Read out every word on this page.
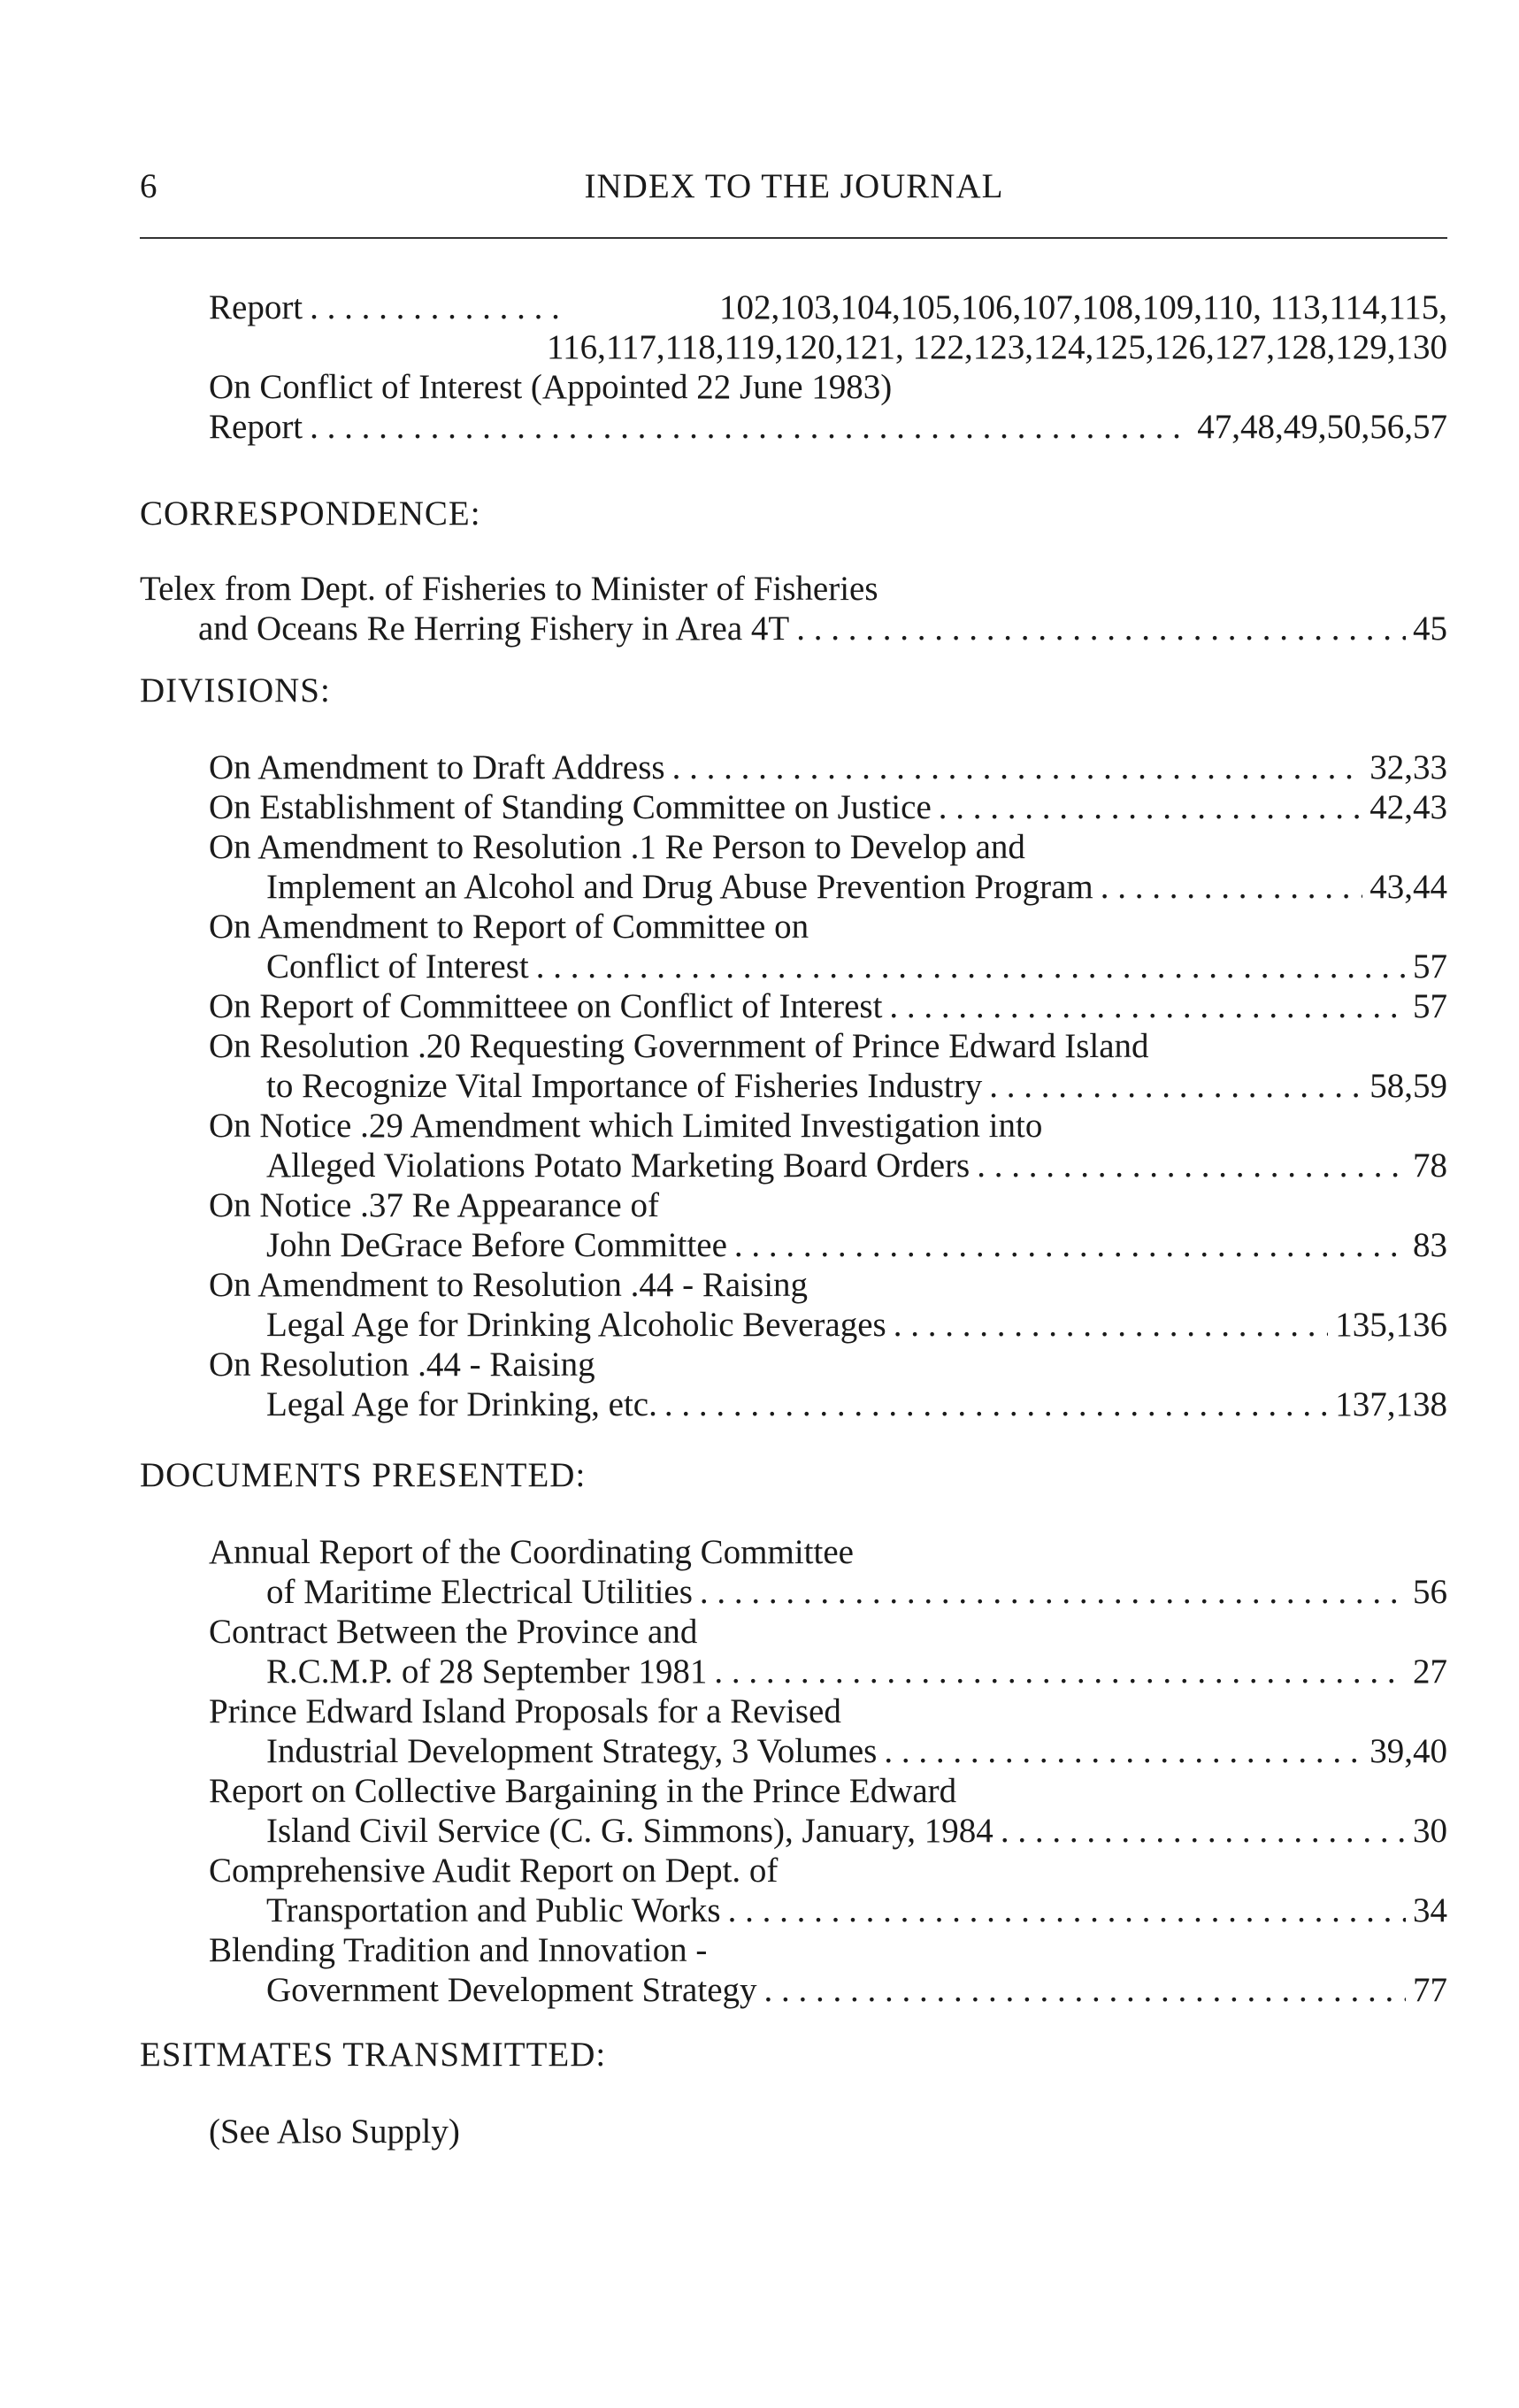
6	INDEX TO THE JOURNAL
Report . . .	102,103,104,105,106,107,108,109,110, 113,114,115,
116,117,118,119,120,121, 122,123,124,125,126,127,128,129,130
On Conflict of Interest (Appointed 22 June 1983)
Report . . .	47,48,49,50,56,57
CORRESPONDENCE:
Telex from Dept. of Fisheries to Minister of Fisheries
and Oceans Re Herring Fishery in Area 4T . . .	45
DIVISIONS:
On Amendment to Draft Address . . .	32,33
On Establishment of Standing Committee on Justice . . .	42,43
On Amendment to Resolution .1 Re Person to Develop and
Implement an Alcohol and Drug Abuse Prevention Program . . .	43,44
On Amendment to Report of Committee on
Conflict of Interest . . .	57
On Report of Committeee on Conflict of Interest . . .	57
On Resolution .20 Requesting Government of Prince Edward Island
to Recognize Vital Importance of Fisheries Industry . . .	58,59
On Notice .29 Amendment which Limited Investigation into
Alleged Violations Potato Marketing Board Orders . . .	78
On Notice .37 Re Appearance of
John DeGrace Before Committee . . .	83
On Amendment to Resolution .44 - Raising
Legal Age for Drinking Alcoholic Beverages . . .	135,136
On Resolution .44 - Raising
Legal Age for Drinking, etc. . . .	137,138
DOCUMENTS PRESENTED:
Annual Report of the Coordinating Committee
of Maritime Electrical Utilities . . .	56
Contract Between the Province and
R.C.M.P. of 28 September 1981 . . .	27
Prince Edward Island Proposals for a Revised
Industrial Development Strategy, 3 Volumes . . .	39,40
Report on Collective Bargaining in the Prince Edward
Island Civil Service (C. G. Simmons), January, 1984 . . .	30
Comprehensive Audit Report on Dept. of
Transportation and Public Works . . .	34
Blending Tradition and Innovation -
Government Development Strategy . . .	77
ESITMATES TRANSMITTED:
(See Also Supply)
